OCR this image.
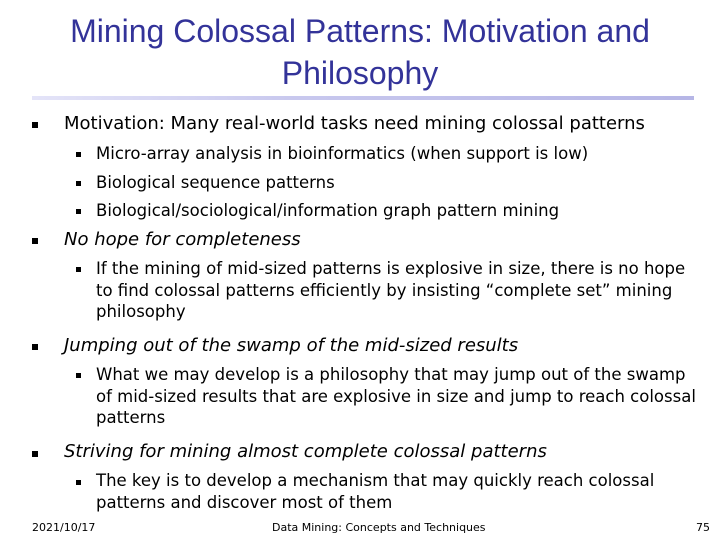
Mining Colossal Patterns: Motivation and Philosophy
Motivation: Many real-world tasks need mining colossal patterns
Micro-array analysis in bioinformatics (when support is low)
Biological sequence patterns
Biological/sociological/information graph pattern mining
No hope for completeness
If the mining of mid-sized patterns is explosive in size, there is no hope to find colossal patterns efficiently by insisting “complete set” mining philosophy
Jumping out of the swamp of the mid-sized results
What we may develop is a philosophy that may jump out of the swamp of mid-sized results that are explosive in size and jump to reach colossal patterns
Striving for mining almost complete colossal patterns
The key is to develop a mechanism that may quickly reach colossal patterns and discover most of them
2021/10/17	Data Mining: Concepts and Techniques	75
